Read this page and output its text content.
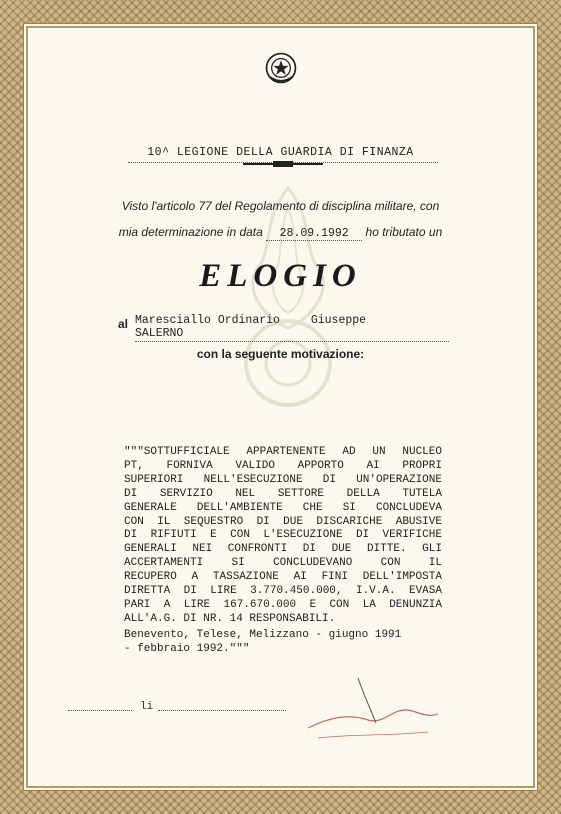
10^ LEGIONE DELLA GUARDIA DI FINANZA
Visto l'articolo 77 del Regolamento di disciplina militare, con
mia determinazione in data 28.09.1992 ho tributato un
ELOGIO
al Maresciallo Ordinario	Giuseppe SALERNO
con la seguente motivazione:
"""SOTTUFFICIALE APPARTENENTE AD UN NUCLEO
PT, FORNIVA VALIDO APPORTO AI PROPRI
SUPERIORI NELL'ESECUZIONE DI UN'OPERAZIONE
DI SERVIZIO NEL SETTORE DELLA TUTELA
GENERALE DELL'AMBIENTE CHE SI CONCLUDEVA
CON IL SEQUESTRO DI DUE DISCARICHE ABUSIVE
DI RIFIUTI E CON L'ESECUZIONE DI VERIFICHE
GENERALI NEI CONFRONTI DI DUE DITTE. GLI
ACCERTAMENTI	SI	CONCLUDEVANO	CON	IL
RECUPERO A TASSAZIONE AI FINI DELL'IMPOSTA
DIRETTA DI LIRE 3.770.450.000, I.V.A. EVASA
PARI A LIRE 167.670.000 E CON LA DENUNZIA
ALL'A.G. DI NR. 14 RESPONSABILI.
Benevento, Telese, Melizzano - giugno 1991
- febbraio 1992."""
li
